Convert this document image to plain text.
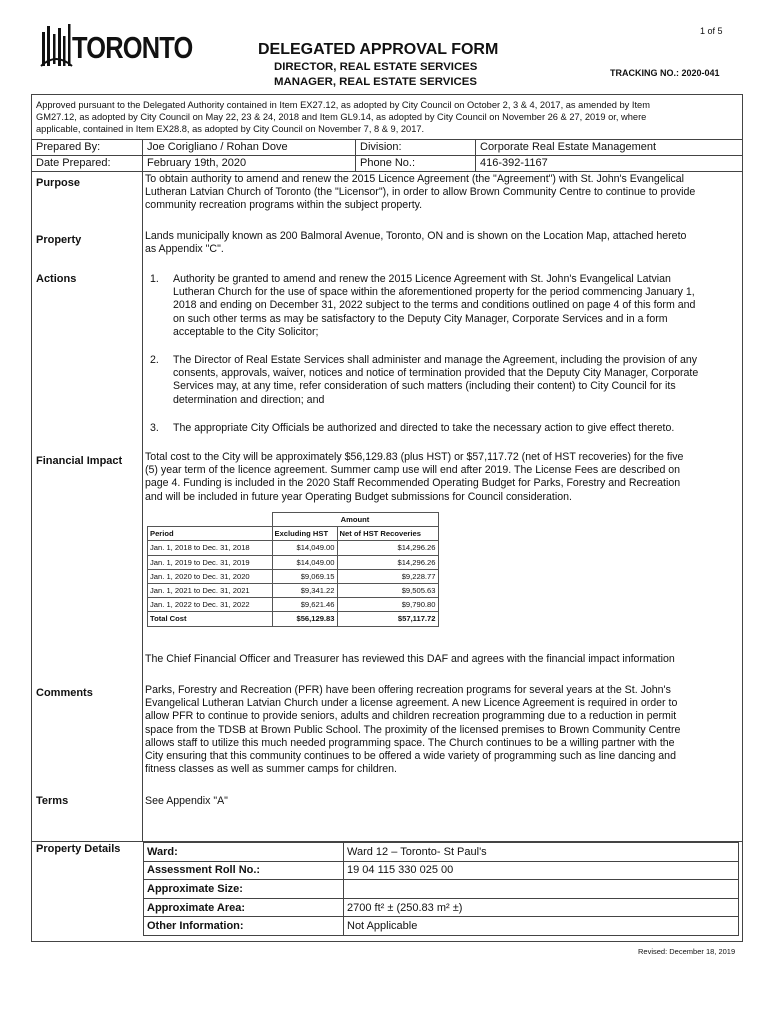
1 of 5
TORONTO	DELEGATED APPROVAL FORM
DIRECTOR, REAL ESTATE SERVICES
MANAGER, REAL ESTATE SERVICES
TRACKING NO.: 2020-041
Approved pursuant to the Delegated Authority contained in Item EX27.12, as adopted by City Council on October 2, 3 & 4, 2017, as amended by Item
GM27.12, as adopted by City Council on May 22, 23 & 24, 2018 and Item GL9.14, as adopted by City Council on November 26 & 27, 2019 or, where
applicable, contained in Item EX28.8, as adopted by City Council on November 7, 8 & 9, 2017.
Prepared By:	Joe Corigliano / Rohan Dove	Division:	Corporate Real Estate Management
Date Prepared:	February 19th, 2020	Phone No.:	416-392-1167
Purpose	To obtain authority to amend and renew the 2015 Licence Agreement (the "Agreement") with St. John's Evangelical
Lutheran Latvian Church of Toronto (the "Licensor"), in order to allow Brown Community Centre to continue to provide
community recreation programs within the subject property.
Property	Lands municipally known as 200 Balmoral Avenue, Toronto, ON and is shown on the Location Map, attached hereto
as Appendix "C".
Actions	1. Authority be granted to amend and renew the 2015 Licence Agreement with St. John's Evangelical Latvian
Lutheran Church for the use of space within the aforementioned property for the period commencing January 1,
2018 and ending on December 31, 2022 subject to the terms and conditions outlined on page 4 of this form and
on such other terms as may be satisfactory to the Deputy City Manager, Corporate Services and in a form
acceptable to the City Solicitor;
2. The Director of Real Estate Services shall administer and manage the Agreement, including the provision of any
consents, approvals, waiver, notices and notice of termination provided that the Deputy City Manager, Corporate
Services may, at any time, refer consideration of such matters (including their content) to City Council for its
determination and direction; and
3. The appropriate City Officials be authorized and directed to take the necessary action to give effect thereto.
Financial Impact Total cost to the City will be approximately $56,129.83 (plus HST) or $57,117.72 (net of HST recoveries) for the five
(5) year term of the licence agreement. Summer camp use will end after 2019. The License Fees are described on
page 4. Funding is included in the 2020 Staff Recommended Operating Budget for Parks, Forestry and Recreation
and will be included in future year Operating Budget submissions for Council consideration.
	Amount	
Period	Excluding HST	Net of HST Recoveries
Jan. 1, 2018 to Dec. 31, 2018	$14,049.00	$14,296.26
Jan. 1, 2019 to Dec. 31, 2019	$14,049.00	$14,296.26
Jan. 1, 2020 to Dec. 31, 2020	$9,069.15	$9,228.77
Jan. 1, 2021 to Dec. 31, 2021	$9,341.22	$9,505.63
Jan. 1, 2022 to Dec. 31, 2022	$9,621.46	$9,790.80
Total Cost	$56,129.83	$57,117.72
The Chief Financial Officer and Treasurer has reviewed this DAF and agrees with the financial impact information
Comments	Parks, Forestry and Recreation (PFR) have been offering recreation programs for several years at the St. John's
Evangelical Lutheran Latvian Church under a license agreement. A new Licence Agreement is required in order to
allow PFR to continue to provide seniors, adults and children recreation programming due to a reduction in permit
space from the TDSB at Brown Public School. The proximity of the licensed premises to Brown Community Centre
allows staff to utilize this much needed programming space. The Church continues to be a willing partner with the
City ensuring that this community continues to be offered a wide variety of programming such as line dancing and
fitness classes as well as summer camps for children.
Terms	See Appendix "A"
Property Details Ward:	Ward 12 – Toronto- St Paul's
Assessment Roll No.:	19 04 115 330 025 00
Approximate Size:	
Approximate Area:	2700 ft² ± (250.83 m² ±)
Other Information:	Not Applicable
Revised: December 18, 2019
